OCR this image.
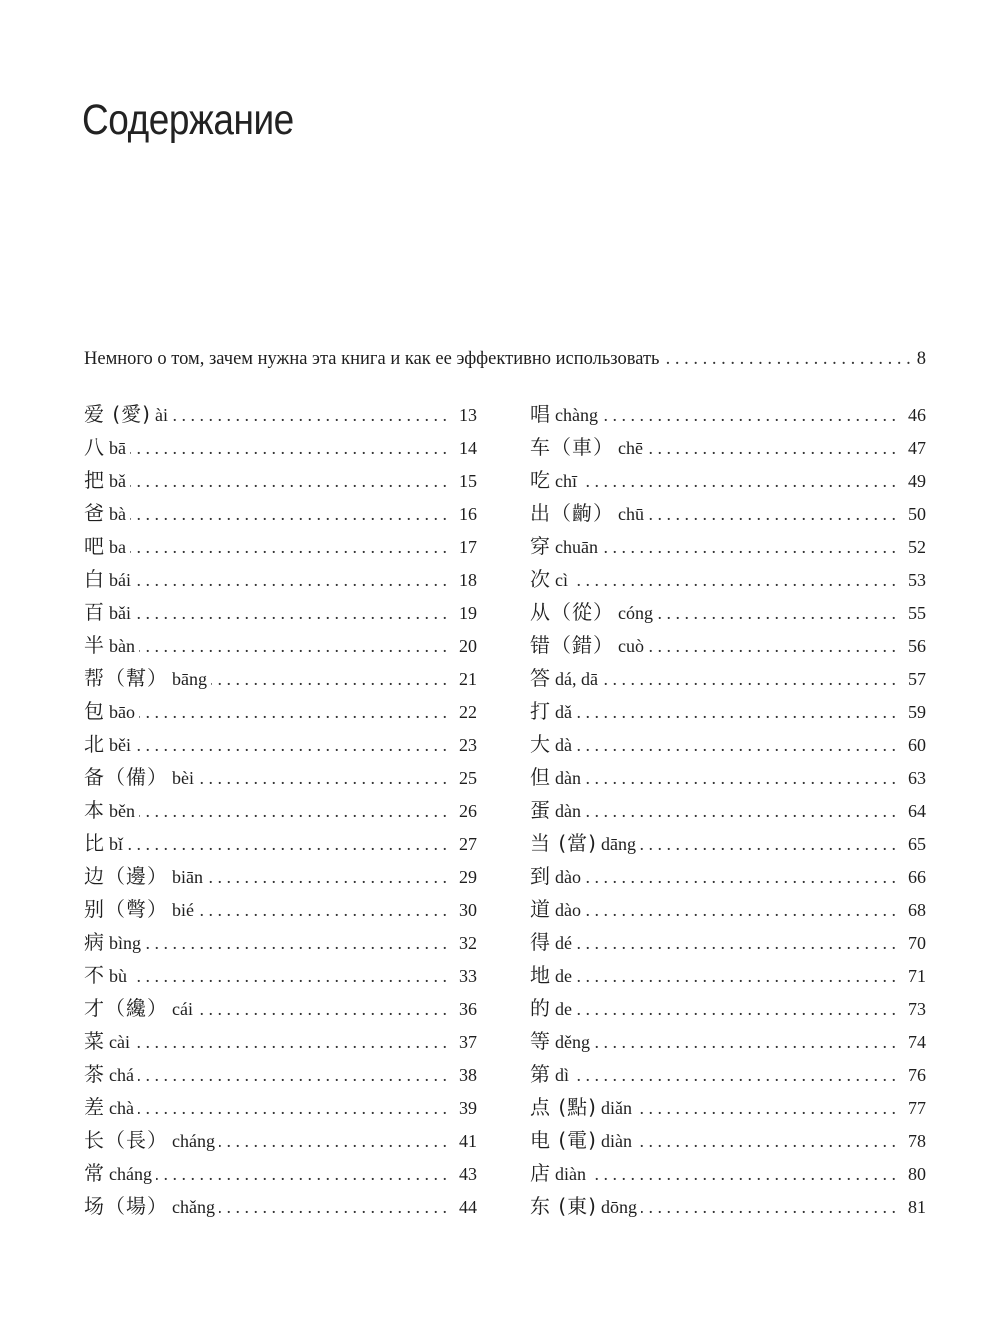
Содержание
Немного о том, зачем нужна эта книга и как ее эффективно использовать . . .	8
爱 (愛) ài . . .	13
八 bā . . .	14
把 bǎ . . .	15
爸 bà . . .	16
吧 ba . . .	17
白 bái . . .	18
百 bǎi . . .	19
半 bàn . . .	20
帮（幫） bāng . . .	21
包 bāo . . .	22
北 běi . . .	23
备（備） bèi . . .	25
本 běn . . .	26
比 bǐ . . .	27
边（邊） biān . . .	29
别（彆） bié . . .	30
病 bìng . . .	32
不 bù . . .	33
才（纔） cái . . .	36
菜 cài . . .	37
茶 chá . . .	38
差 chà . . .	39
长（長） cháng . . .	41
常 cháng . . .	43
场（場） chǎng . . .	44
唱 chàng . . .	46
车（車） chē . . .	47
吃 chī . . .	49
出（齣） chū . . .	50
穿 chuān . . .	52
次 cì . . .	53
从（從） cóng . . .	55
错（錯） cuò . . .	56
答 dá, dā . . .	57
打 dǎ . . .	59
大 dà . . .	60
但 dàn . . .	63
蛋 dàn . . .	64
当 (當) dāng . . .	65
到 dào . . .	66
道 dào . . .	68
得 dé . . .	70
地 de . . .	71
的 de . . .	73
等 děng . . .	74
第 dì . . .	76
点 (點) diǎn . . .	77
电 (電) diàn . . .	78
店 diàn . . .	80
东 (東) dōng . . .	81
